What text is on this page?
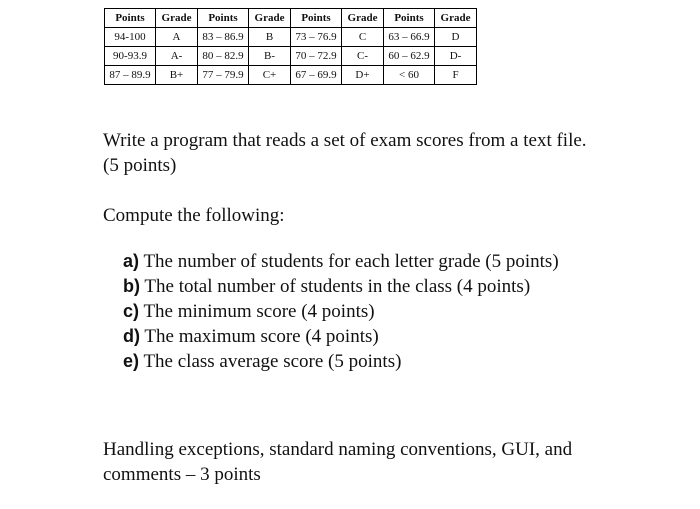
Points	Grade	Points	Grade	Points	Grade	Points	Grade
94-100	A	83 – 86.9	B	73 – 76.9	C	63 – 66.9	D
90-93.9	A-	80 – 82.9	B-	70 – 72.9	C-	60 – 62.9	D-
87 – 89.9	B+	77 – 79.9	C+	67 – 69.9	D+	< 60	F

Write a program that reads a set of exam scores from a text file. (5 points)

Compute the following:

a) The number of students for each letter grade (5 points)
b) The total number of students in the class (4 points)
c) The minimum score (4 points)
d) The maximum score (4 points)
e) The class average score (5 points)

Handling exceptions, standard naming conventions, GUI, and comments – 3 points
